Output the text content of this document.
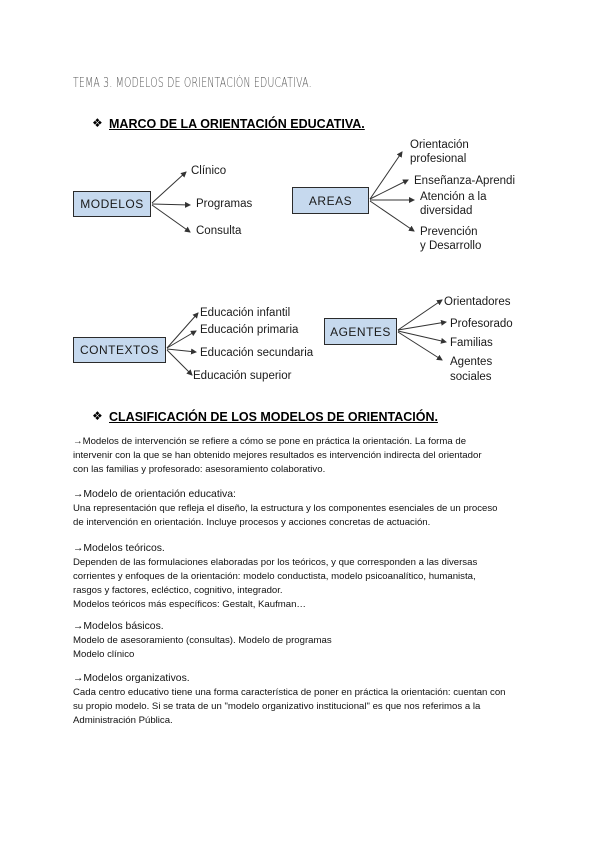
TEMA 3. MODELOS DE ORIENTACIÓN EDUCATIVA.
❖ MARCO DE LA ORIENTACIÓN EDUCATIVA.
MODELOS
Clínico
Programas
Consulta
AREAS
Orientación
profesional
Enseñanza-Aprendi
Atención a la
diversidad
Prevención
y Desarrollo
CONTEXTOS
Educación infantil
Educación primaria
Educación secundaria
Educación superior
AGENTES
Orientadores
Profesorado
Familias
Agentes
sociales
❖ CLASIFICACIÓN DE LOS MODELOS DE ORIENTACIÓN.

→Modelos de intervención se refiere a cómo se pone en práctica la orientación. La forma de

intervenir con la que se han obtenido mejores resultados es intervención indirecta del orientador

con las familias y profesorado: asesoramiento colaborativo.

→Modelo de orientación educativa:

Una representación que refleja el diseño, la estructura y los componentes esenciales de un proceso

de intervención en orientación. Incluye procesos y acciones concretas de actuación.

→Modelos teóricos.

Dependen de las formulaciones elaboradas por los teóricos, y que corresponden a las diversas

corrientes y enfoques de la orientación: modelo conductista, modelo psicoanalítico, humanista,

rasgos y factores, ecléctico, cognitivo, integrador.

Modelos teóricos más específicos: Gestalt, Kaufman…

→Modelos básicos.

Modelo de asesoramiento (consultas). Modelo de programas

Modelo clínico

→Modelos organizativos.

Cada centro educativo tiene una forma característica de poner en práctica la orientación: cuentan con

su propio modelo. Si se trata de un "modelo organizativo institucional" es que nos referimos a la

Administración Pública.
